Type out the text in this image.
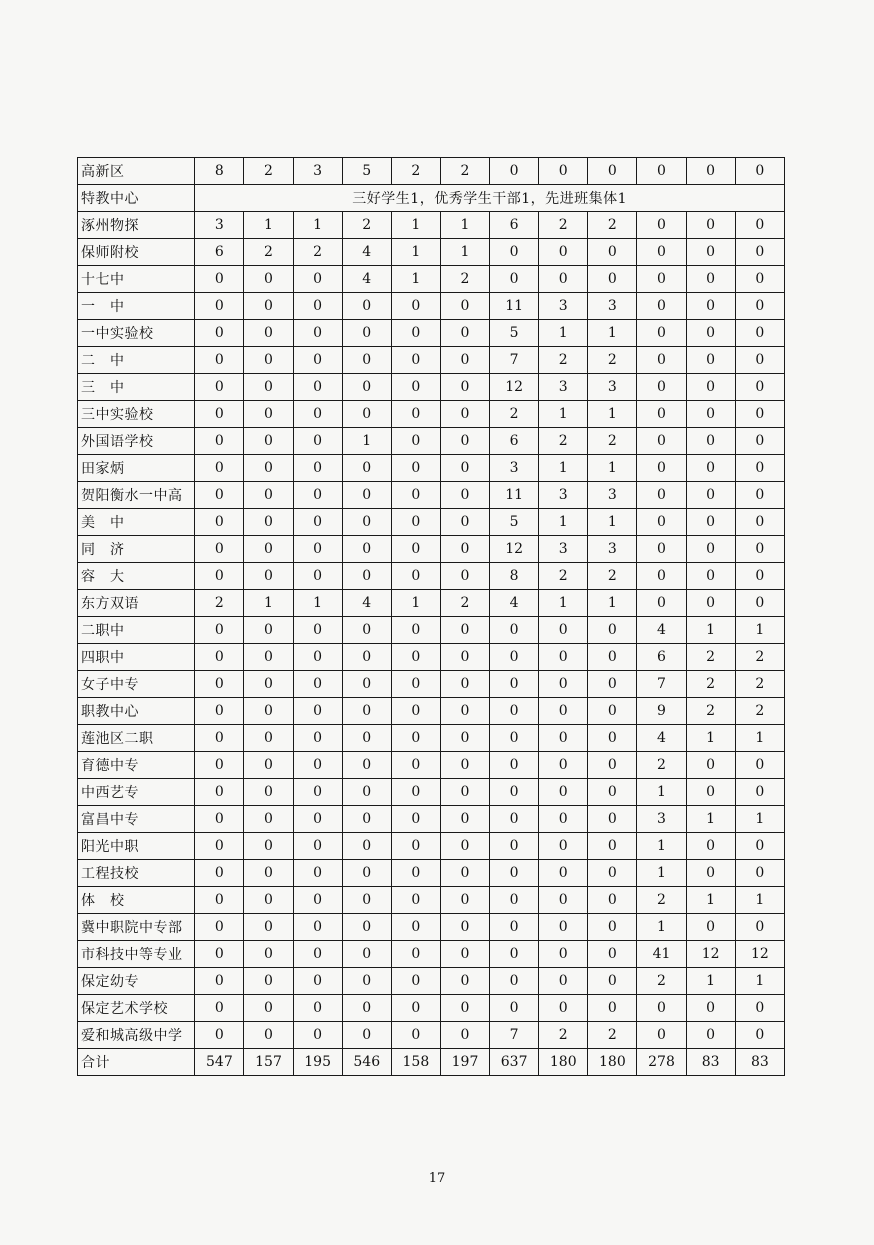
高新区	8	2	3	5	2	2	0	0	0	0	0	0
特教中心	三好学生1，优秀学生干部1，先进班集体1											
涿州物探	3	1	1	2	1	1	6	2	2	0	0	0
保师附校	6	2	2	4	1	1	0	0	0	0	0	0
十七中	0	0	0	4	1	2	0	0	0	0	0	0
一　中	0	0	0	0	0	0	11	3	3	0	0	0
一中实验校	0	0	0	0	0	0	5	1	1	0	0	0
二　中	0	0	0	0	0	0	7	2	2	0	0	0
三　中	0	0	0	0	0	0	12	3	3	0	0	0
三中实验校	0	0	0	0	0	0	2	1	1	0	0	0
外国语学校	0	0	0	1	0	0	6	2	2	0	0	0
田家炳	0	0	0	0	0	0	3	1	1	0	0	0
贺阳衡水一中高	0	0	0	0	0	0	11	3	3	0	0	0
美　中	0	0	0	0	0	0	5	1	1	0	0	0
同　济	0	0	0	0	0	0	12	3	3	0	0	0
容　大	0	0	0	0	0	0	8	2	2	0	0	0
东方双语	2	1	1	4	1	2	4	1	1	0	0	0
二职中	0	0	0	0	0	0	0	0	0	4	1	1
四职中	0	0	0	0	0	0	0	0	0	6	2	2
女子中专	0	0	0	0	0	0	0	0	0	7	2	2
职教中心	0	0	0	0	0	0	0	0	0	9	2	2
莲池区二职	0	0	0	0	0	0	0	0	0	4	1	1
育德中专	0	0	0	0	0	0	0	0	0	2	0	0
中西艺专	0	0	0	0	0	0	0	0	0	1	0	0
富昌中专	0	0	0	0	0	0	0	0	0	3	1	1
阳光中职	0	0	0	0	0	0	0	0	0	1	0	0
工程技校	0	0	0	0	0	0	0	0	0	1	0	0
体　校	0	0	0	0	0	0	0	0	0	2	1	1
冀中职院中专部	0	0	0	0	0	0	0	0	0	1	0	0
市科技中等专业	0	0	0	0	0	0	0	0	0	41	12	12
保定幼专	0	0	0	0	0	0	0	0	0	2	1	1
保定艺术学校	0	0	0	0	0	0	0	0	0	0	0	0
爱和城高级中学	0	0	0	0	0	0	7	2	2	0	0	0
合计	547	157	195	546	158	197	637	180	180	278	83	83
17
